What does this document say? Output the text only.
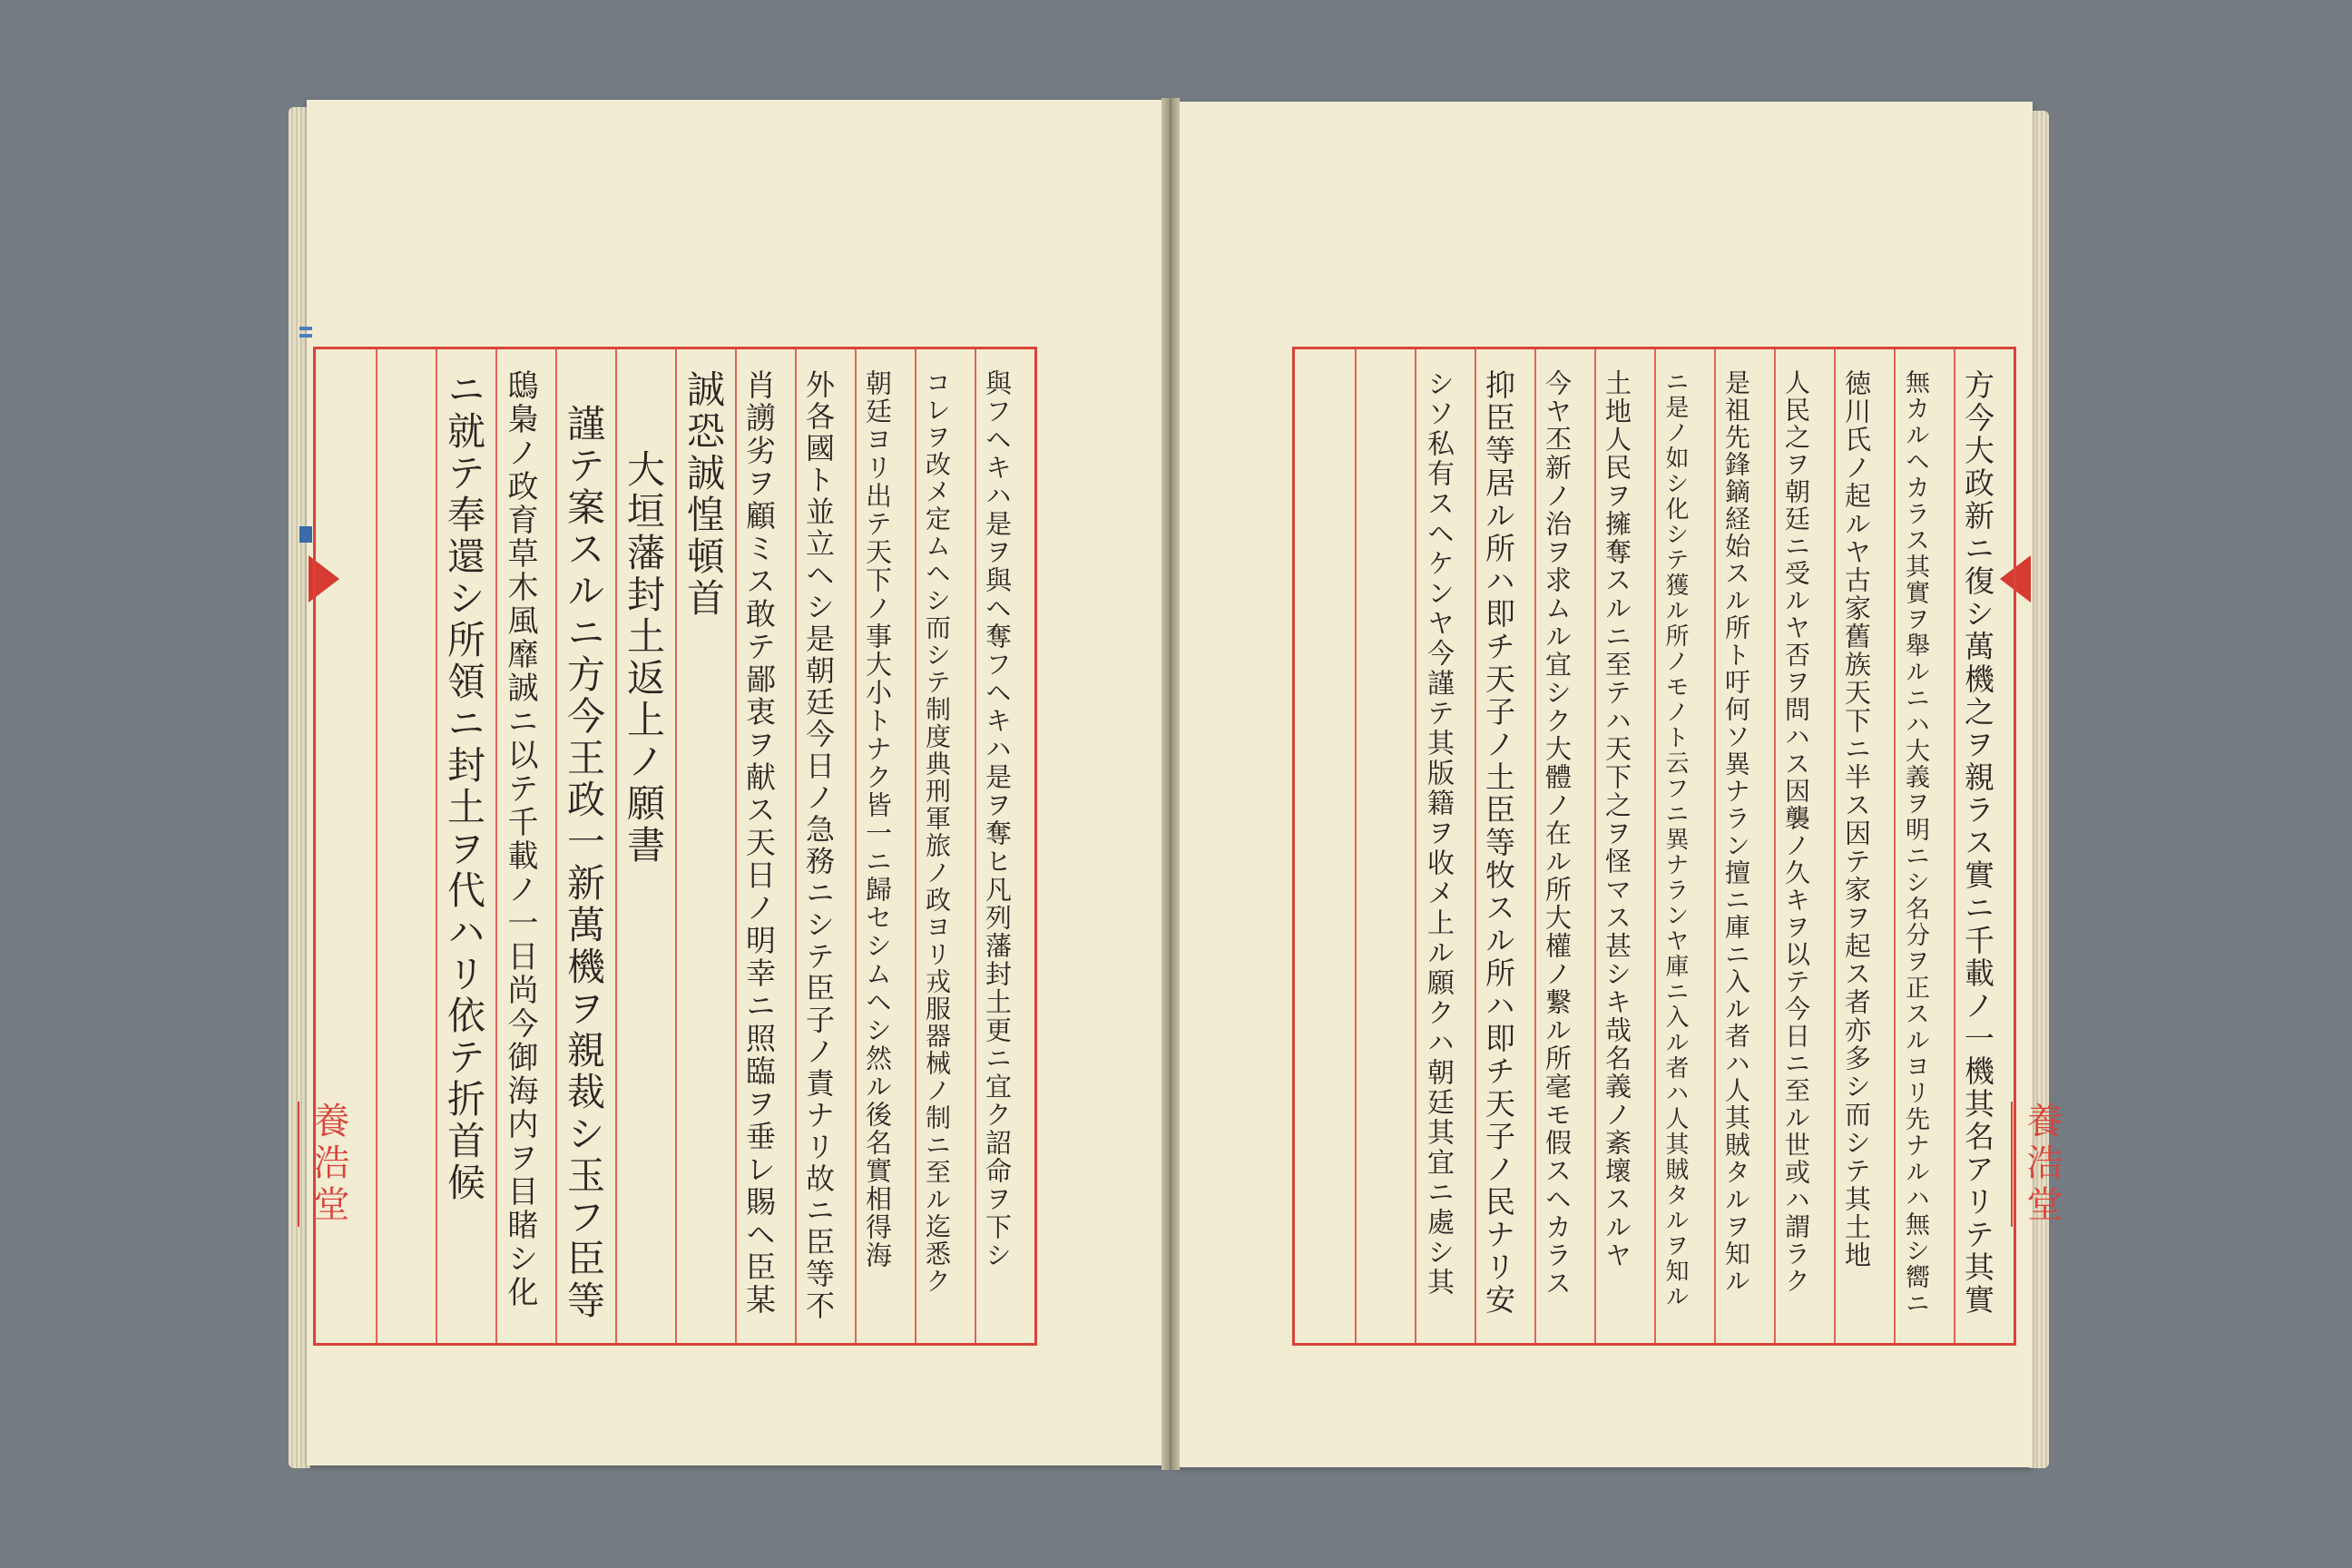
與フヘキハ是ヲ與ヘ奪フヘキハ是ヲ奪ヒ凡列藩封土更ニ宜ク詔命ヲ下シ
コレヲ改メ定ムヘシ而シテ制度典刑軍旅ノ政ヨリ戎服器械ノ制ニ至ル迄悉ク
朝廷ヨリ出テ天下ノ事大小トナク皆一ニ歸セシムヘシ然ル後名實相得海
外各國ト並立ヘシ是朝廷今日ノ急務ニシテ臣子ノ責ナリ故ニ臣等不
肖謭劣ヲ顧ミス敢テ鄙衷ヲ献ス天日ノ明幸ニ照臨ヲ垂レ賜ヘ臣某
誠恐誠惶頓首
大垣藩封土返上ノ願書
謹テ案スルニ方今王政一新萬機ヲ親裁シ玉フ臣等
鴟梟ノ政育草木風靡誠ニ以テ千載ノ一日尚今御海内ヲ目睹シ化
ニ就テ奉還シ所領ニ封土ヲ代ハリ依テ折首候	方今大政新ニ復シ萬機之ヲ親ラス實ニ千載ノ一機其名アリテ其實
無カルヘカラス其實ヲ舉ルニハ大義ヲ明ニシ名分ヲ正スルヨリ先ナルハ無シ嚮ニ
徳川氏ノ起ルヤ古家舊族天下ニ半ス因テ家ヲ起ス者亦多シ而シテ其土地
人民之ヲ朝廷ニ受ルヤ否ヲ問ハス因襲ノ久キヲ以テ今日ニ至ル世或ハ謂ラク
是祖先鋒鏑経始スル所ト吁何ソ異ナラン擅ニ庫ニ入ル者ハ人其賊タルヲ知ル
ニ是ノ如シ化シテ獲ル所ノモノト云フニ異ナランヤ庫ニ入ル者ハ人其賊タルヲ知ル
土地人民ヲ擁奪スルニ至テハ天下之ヲ怪マス甚シキ哉名義ノ紊壞スルヤ
今ヤ丕新ノ治ヲ求ムル宜シク大體ノ在ル所大權ノ繋ル所毫モ假スヘカラス
抑臣等居ル所ハ即チ天子ノ土臣等牧スル所ハ即チ天子ノ民ナリ安
シソ私有スヘケンヤ今謹テ其版籍ヲ收メ上ル願クハ朝廷其宜ニ處シ其
養浩堂	養浩堂
